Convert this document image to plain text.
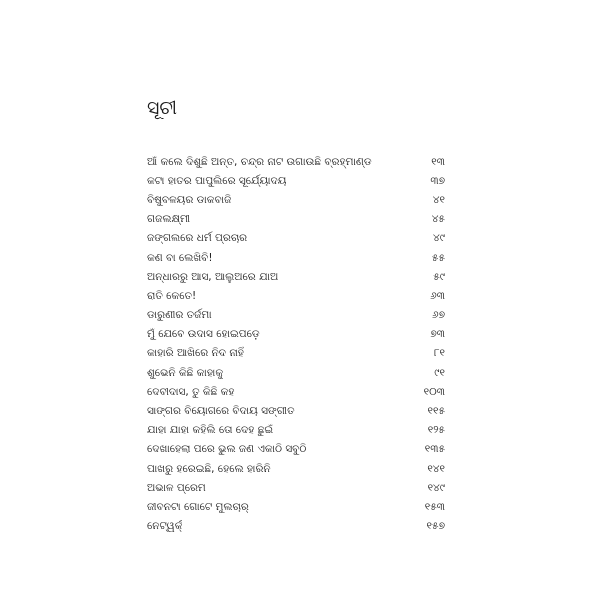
ସୂଚୀ
ଆଁ କଲେ ଦିଶୁଛି ଅନ୍ତ, ଚନ୍ଦ୍ର ନାଟ ଉଗାଉଛି ବ୍ରହ୍ମାଣ୍ଡ	୧୩
କଟା ହାତର ପାପୁଲିରେ ସୂର୍ଯ୍ୟୋଦୟ	୩୭
ବିଷୁବଳୟର ଡାକବାଜି	୪୧
ଗଜଲକ୍ଷ୍ମୀ	୪୫
ଜଙ୍ଗଲରେ ଧର୍ମ ପ୍ରଚାର	୪୯
କଣ ବା ଲେଖିବି!	୫୫
ଅନ୍ଧାରରୁ ଆସ, ଆଲୁଅରେ ଯାଅ	୫୯
ରାତି କେତେ!	୬୩
ଡାରୁଣୀର ତର୍ଜମା	୬୭
ମୁଁ ଯେବେ ଉଦାସ ହୋଇପଡ଼େ	୭୩
କାହାରି ଆଖିରେ ନିଦ ନାହିଁ	୮୧
ଶୁଭେନି କିଛି କାହାକୁ	୯୧
ଦେବୀଦାସ, ତୁ କିଛି କହ	୧୦୩
ସାଙ୍ଗର ବିୟୋଗରେ ବିଦାୟ ସଙ୍ଗୀତ	୧୧୫
ଯାହା ଯାହା କହିଲି ତୋ ଦେହ ଛୁଇଁ	୧୨୫
ଦେଖାହେଲା ପରେ ଭୁଲ ଜଣ ଏକାଠି ସବୁଠି	୧୩୫
ପାଖରୁ ହରେଇଛି, ହେଲେ ହାରିନି	୧୪୧
ଅଭାଳ ପ୍ରେମ	୧୪୯
ଜୀବନଟା ଗୋଟେ ମୁଲଚାର୍	୧୫୩
ନେଟ୍‌ୱର୍କ୍	୧୫୭
